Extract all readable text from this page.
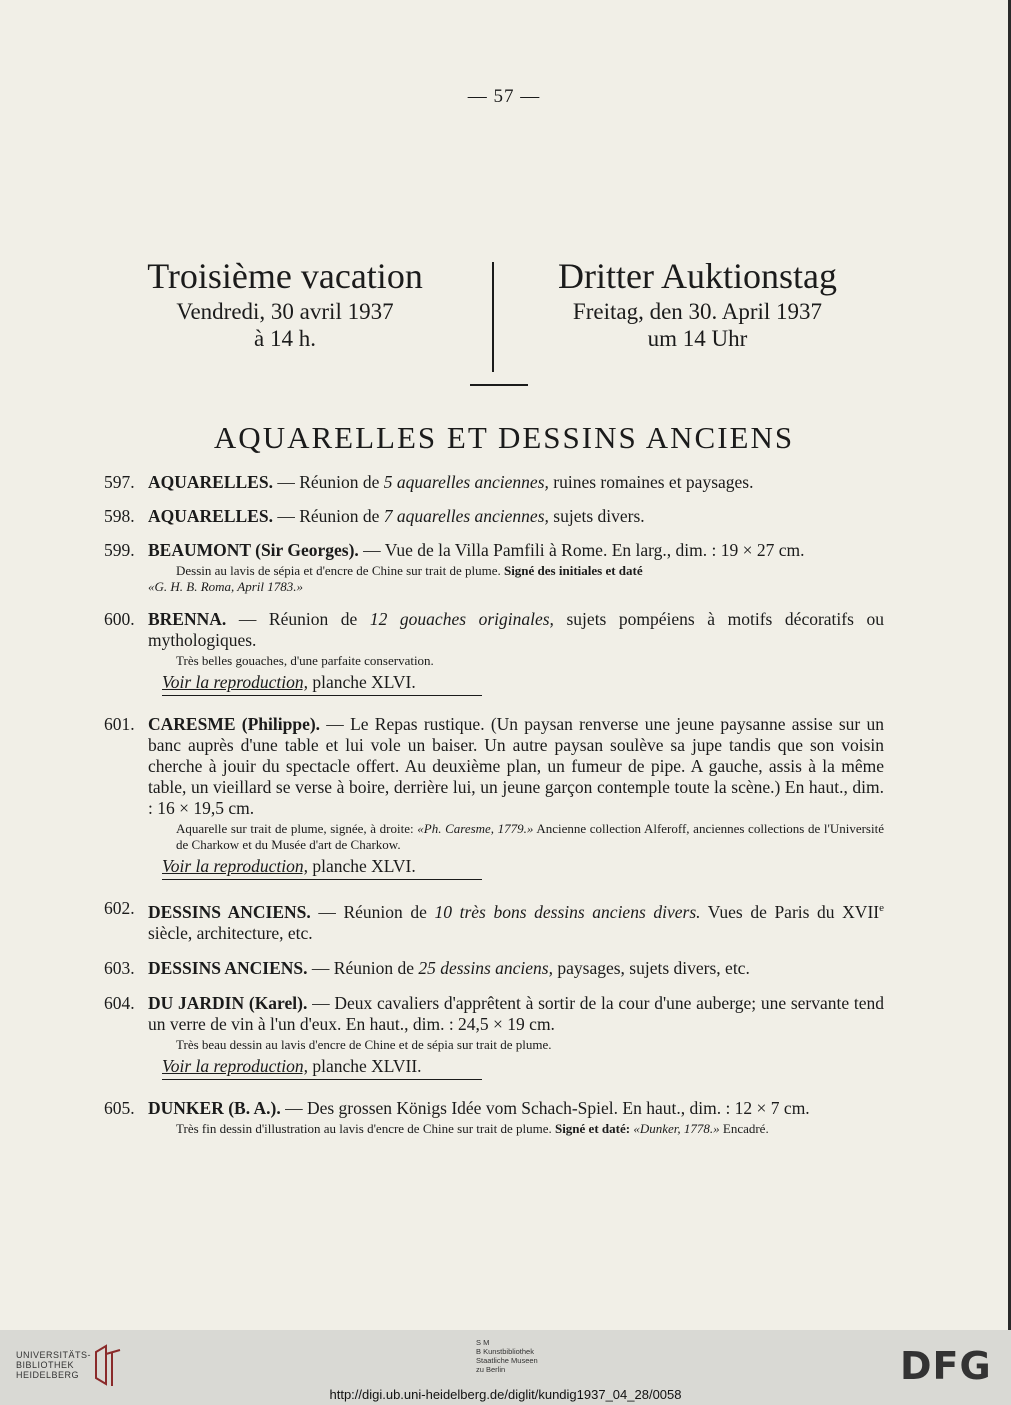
— 57 —

Troisième vacation

Vendredi, 30 avril 1937

à 14 h.

Dritter Auktionstag

Freitag, den 30. April 1937

um 14 Uhr

AQUARELLES ET DESSINS ANCIENS
597. AQUARELLES. — Réunion de 5 aquarelles anciennes, ruines romaines et paysages.
598. AQUARELLES. — Réunion de 7 aquarelles anciennes, sujets divers.
599. BEAUMONT (Sir Georges). — Vue de la Villa Pamfili à Rome. En larg., dim. : 19 × 27 cm.
Dessin au lavis de sépia et d'encre de Chine sur trait de plume. Signé des initiales et daté
«G. H. B. Roma, April 1783.»
600. BRENNA. — Réunion de 12 gouaches originales, sujets pompéiens à motifs décoratifs ou mythologiques.
Très belles gouaches, d'une parfaite conservation.
Voir la reproduction, planche XLVI.
601. CARESME (Philippe). — Le Repas rustique. (Un paysan renverse une jeune paysanne assise sur un banc auprès d'une table et lui vole un baiser. Un autre paysan soulève sa jupe tandis que son voisin cherche à jouir du spectacle offert. Au deuxième plan, un fumeur de pipe. A gauche, assis à la même table, un vieillard se verse à boire, derrière lui, un jeune garçon contemple toute la scène.) En haut., dim. : 16 × 19,5 cm.
Aquarelle sur trait de plume, signée, à droite: «Ph. Caresme, 1779.» Ancienne collection Alferoff, anciennes collections de l'Université de Charkow et du Musée d'art de Charkow.
Voir la reproduction, planche XLVI.
602. DESSINS ANCIENS. — Réunion de 10 très bons dessins anciens divers. Vues de Paris du XVIIe siècle, architecture, etc.
603. DESSINS ANCIENS. — Réunion de 25 dessins anciens, paysages, sujets divers, etc.
604. DU JARDIN (Karel). — Deux cavaliers d'apprêtent à sortir de la cour d'une auberge; une servante tend un verre de vin à l'un d'eux. En haut., dim. : 24,5 × 19 cm.
Très beau dessin au lavis d'encre de Chine et de sépia sur trait de plume.
Voir la reproduction, planche XLVII.
605. DUNKER (B. A.). — Des grossen Königs Idée vom Schach-Spiel. En haut., dim. : 12 × 7 cm.
Très fin dessin d'illustration au lavis d'encre de Chine sur trait de plume. Signé et daté: «Dunker, 1778.» Encadré.
UNIVERSITÄTS-
BIBLIOTHEK
HEIDELBERG
S M
B Kunstbibliothek
Staatliche Museen
zu Berlin	DFG
http://digi.ub.uni-heidelberg.de/diglit/kundig1937_04_28/0058
